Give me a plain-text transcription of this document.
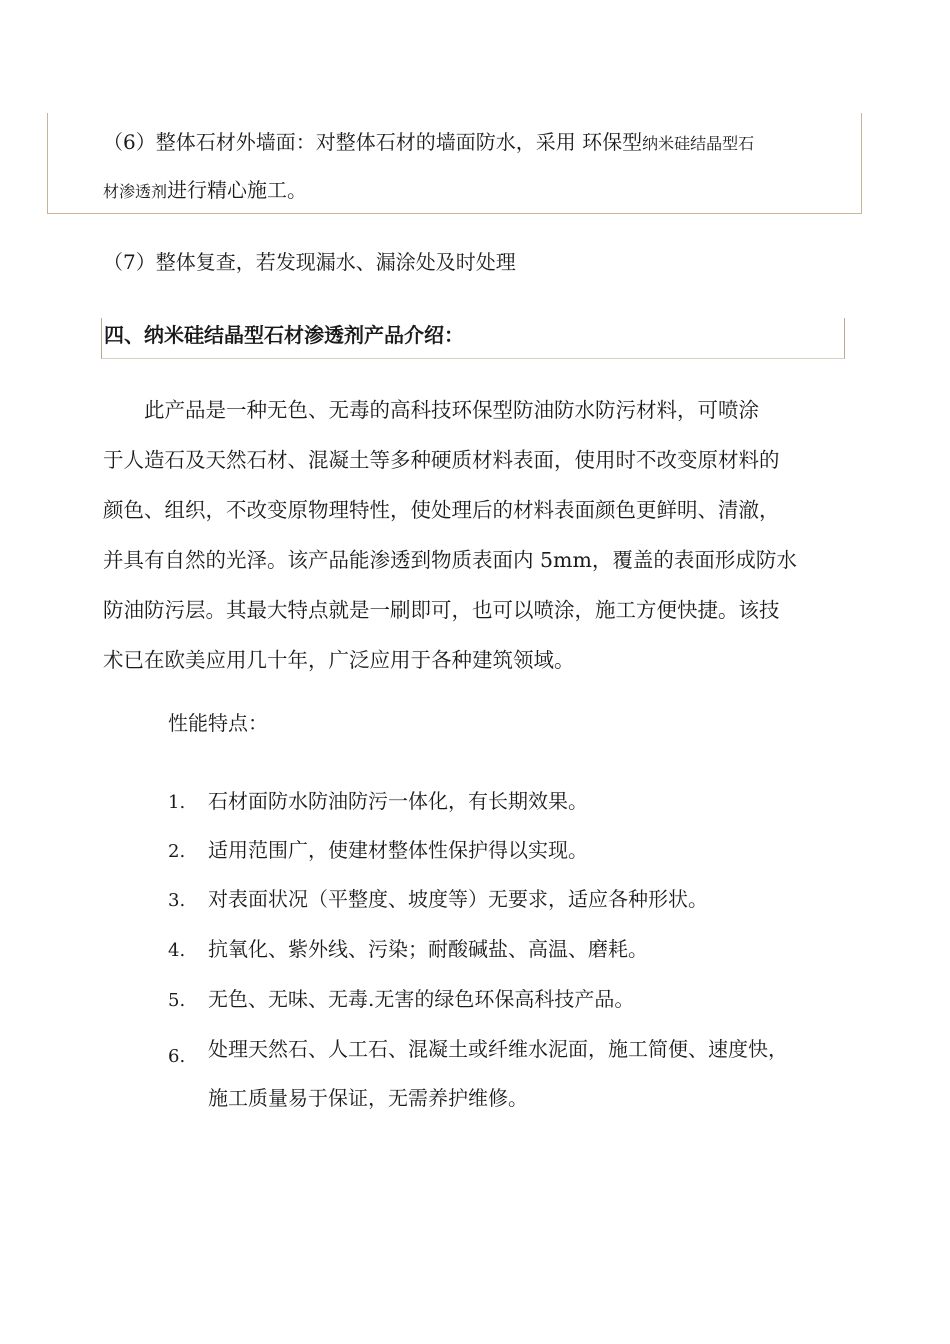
（6）整体石材外墙面：对整体石材的墙面防水，采用 环保型纳米硅结晶型石
材渗透剂进行精心施工。
（7）整体复查，若发现漏水、漏涂处及时处理
四、纳米硅结晶型石材渗透剂产品介绍：
　　此产品是一种无色、无毒的高科技环保型防油防水防污材料，可喷涂
于人造石及天然石材、混凝土等多种硬质材料表面，使用时不改变原材料的
颜色、组织，不改变原物理特性，使处理后的材料表面颜色更鲜明、清澈，
并具有自然的光泽。该产品能渗透到物质表面内 5mm，覆盖的表面形成防水
防油防污层。其最大特点就是一刷即可，也可以喷涂，施工方便快捷。该技
术已在欧美应用几十年，广泛应用于各种建筑领域。
性能特点：
1. 石材面防水防油防污一体化，有长期效果。
2. 适用范围广，使建材整体性保护得以实现。
3. 对表面状况（平整度、坡度等）无要求，适应各种形状。
4. 抗氧化、紫外线、污染；耐酸碱盐、高温、磨耗。
5. 无色、无味、无毒.无害的绿色环保高科技产品。
6. 处理天然石、人工石、混凝土或纤维水泥面，施工简便、速度快，
施工质量易于保证，无需养护维修。
